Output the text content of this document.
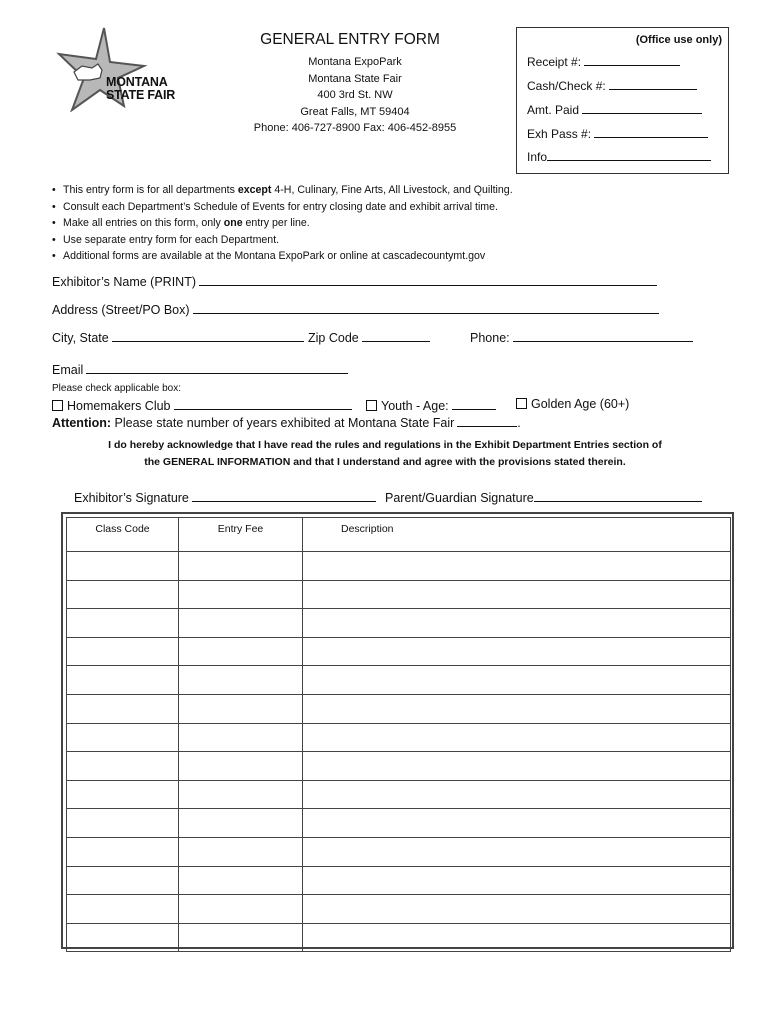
MONTANA
STATE FAIR
GENERAL ENTRY FORM
Montana ExpoPark
Montana State Fair
400 3rd St. NW
Great Falls, MT 59404
Phone: 406-727-8900 Fax: 406-452-8955
(Office use only)
Receipt #:
Cash/Check #:
Amt. Paid
Exh Pass #:
Info
• This entry form is for all departments except 4-H, Culinary, Fine Arts, All Livestock, and Quilting.
• Consult each Department’s Schedule of Events for entry closing date and exhibit arrival time.
• Make all entries on this form, only one entry per line.
• Use separate entry form for each Department.
• Additional forms are available at the Montana ExpoPark or online at cascadecountymt.gov
Exhibitor’s Name (PRINT)
Address (Street/PO Box)
City, State	Zip Code	Phone:
Email
Please check applicable box:
Homemakers Club	Youth - Age:	Golden Age (60+)
Attention: Please state number of years exhibited at Montana State Fair	.
I do hereby acknowledge that I have read the rules and regulations in the Exhibit Department Entries section of
the GENERAL INFORMATION and that I understand and agree with the provisions stated therein.
Exhibitor’s Signature	Parent/Guardian Signature
Class Code	Entry Fee	Description
